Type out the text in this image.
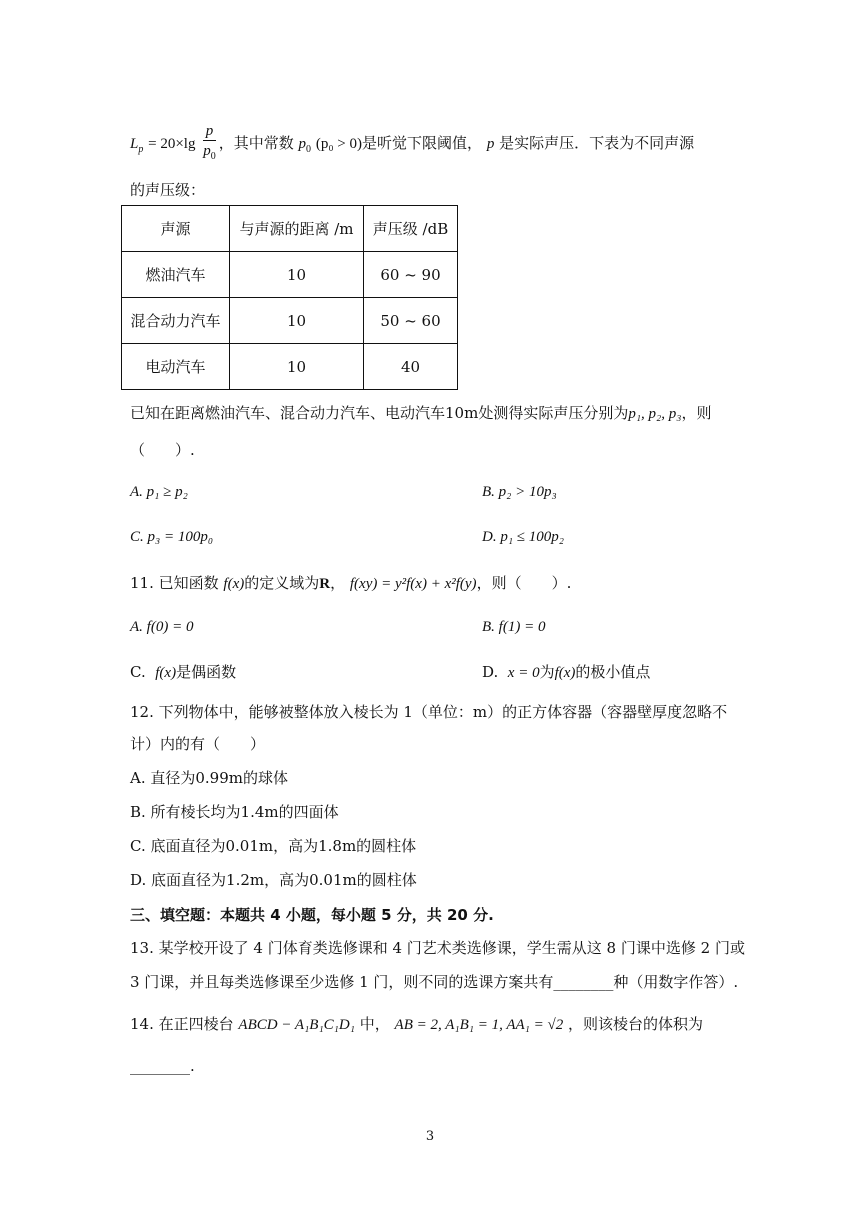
$L_p = 20\times\lg \frac{p}{p_0}$ ，其中常数 $p_0$ (p₀ > 0)是听觉下限阈值， p 是实际声压．下表为不同声源
的声压级：
声源	与声源的距离 /m	声压级 /dB
燃油汽车	10	60 ~ 90
混合动力汽车	10	50 ~ 60
电动汽车	10	40
已知在距离燃油汽车、混合动力汽车、电动汽车10m处测得实际声压分别为p₁, p₂, p₃，则
（　　）.
A. p₁ ≥ p₂	B. p₂ > 10p₃
C. p₃ = 100p₀	D. p₁ ≤ 100p₂
11. 已知函数 f(x)的定义域为R， f(xy) = y²f(x) + x²f(y)，则（　　）.
A. f(0) = 0	B. f(1) = 0
C.  f(x)是偶函数	D.  x = 0为f(x)的极小值点
12. 下列物体中，能够被整体放入棱长为 1（单位：m）的正方体容器（容器壁厚度忽略不
计）内的有（　　）
A. 直径为0.99m的球体
B. 所有棱长均为1.4m的四面体
C. 底面直径为0.01m，高为1.8m的圆柱体
D. 底面直径为1.2m，高为0.01m的圆柱体
三、填空题：本题共 4 小题，每小题 5 分，共 20 分.
13. 某学校开设了 4 门体育类选修课和 4 门艺术类选修课，学生需从这 8 门课中选修 2 门或
3 门课，并且每类选修课至少选修 1 门，则不同的选课方案共有________种（用数字作答）.
14. 在正四棱台 ABCD − A₁B₁C₁D₁ 中， AB = 2, A₁B₁ = 1, AA₁ = √2 ，则该棱台的体积为
________.
3
